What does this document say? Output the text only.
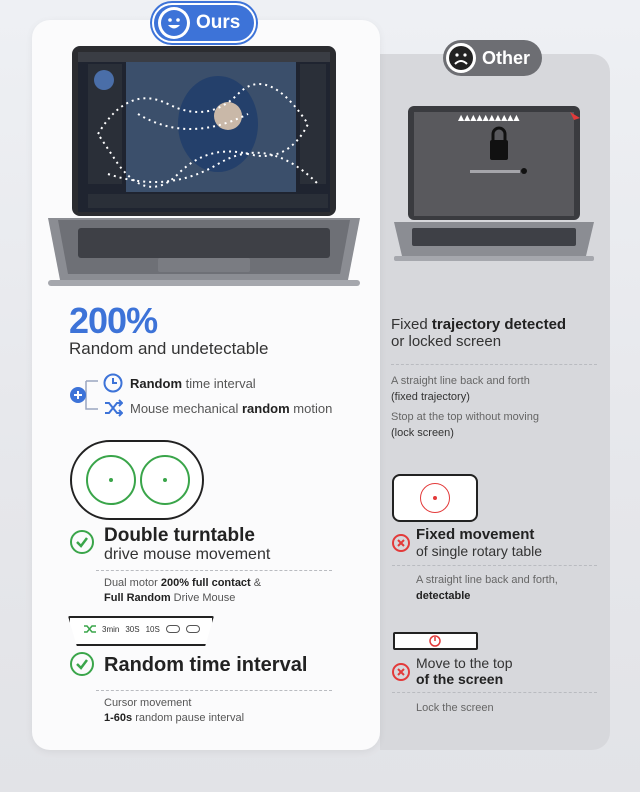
Ours
Other
▲▲▲▲▲▲▲▲▲▲
200%
Random and undetectable
Random time interval
Mouse mechanical random motion
Double turntable
drive mouse movement
Dual motor 200% full contact &
Full Random Drive Mouse
3min 30S 10S
Random time interval
Cursor movement
1-60s random pause interval
Fixed trajectory detected
or locked screen
A straight line back and forth
(fixed trajectory)
Stop at the top without moving
(lock screen)
Fixed movement
of single rotary table
A straight line back and forth,
detectable
Move to the top
of the screen
Lock the screen
